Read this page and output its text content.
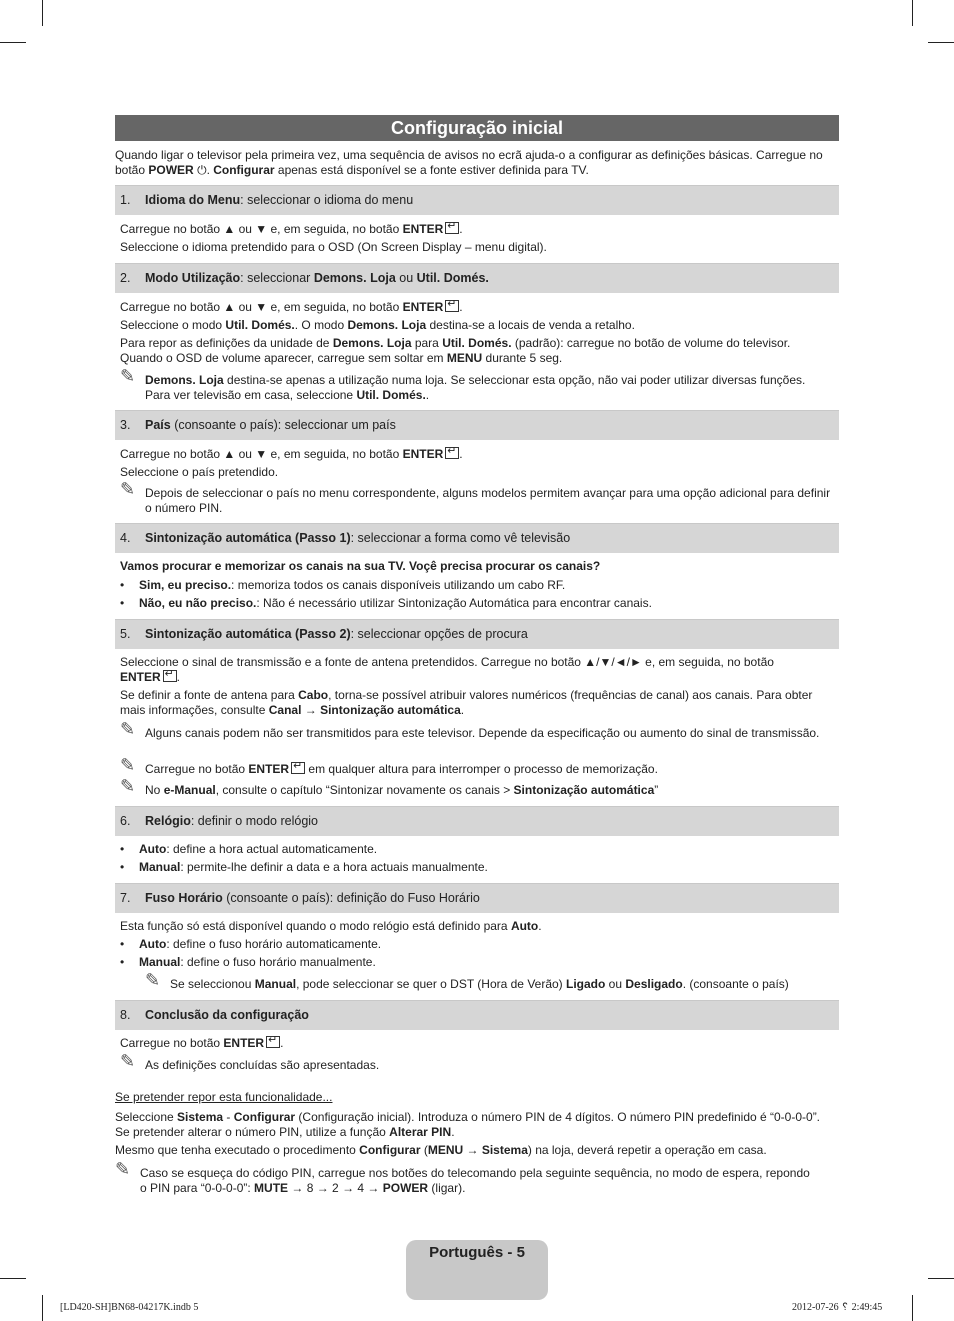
Configuração inicial
Quando ligar o televisor pela primeira vez, uma sequência de avisos no ecrã ajuda-o a configurar as definições básicas. Carregue no
botão POWER ⏻. Configurar apenas está disponível se a fonte estiver definida para TV.
1. Idioma do Menu: seleccionar o idioma do menu
Carregue no botão ▲ ou ▼ e, em seguida, no botão ENTER ↵ .
Seleccione o idioma pretendido para o OSD (On Screen Display – menu digital).
2. Modo Utilização: seleccionar Demons. Loja ou Util. Domés.
Carregue no botão ▲ ou ▼ e, em seguida, no botão ENTER ↵ .
Seleccione o modo Util. Domés.. O modo Demons. Loja destina-se a locais de venda a retalho.
Para repor as definições da unidade de Demons. Loja para Util. Domés. (padrão): carregue no botão de volume do televisor.
Quando o OSD de volume aparecer, carregue sem soltar em MENU durante 5 seg.
✎ Demons. Loja destina-se apenas a utilização numa loja. Se seleccionar esta opção, não vai poder utilizar diversas funções.
Para ver televisão em casa, seleccione Util. Domés..
3. País (consoante o país): seleccionar um país
Carregue no botão ▲ ou ▼ e, em seguida, no botão ENTER ↵ .
Seleccione o país pretendido.
✎ Depois de seleccionar o país no menu correspondente, alguns modelos permitem avançar para uma opção adicional para definir o número PIN.
4. Sintonização automática (Passo 1): seleccionar a forma como vê televisão
Vamos procurar e memorizar os canais na sua TV. Voçê precisa procurar os canais?
• Sim, eu preciso.: memoriza todos os canais disponíveis utilizando um cabo RF.
• Não, eu não preciso.: Não é necessário utilizar Sintonização Automática para encontrar canais.
5. Sintonização automática (Passo 2): seleccionar opções de procura
Seleccione o sinal de transmissão e a fonte de antena pretendidos. Carregue no botão ▲/▼/◄/► e, em seguida, no botão
ENTER ↵ .
Se definir a fonte de antena para Cabo, torna-se possível atribuir valores numéricos (frequências de canal) aos canais. Para obter
mais informações, consulte Canal → Sintonização automática.
✎ Alguns canais podem não ser transmitidos para este televisor. Depende da especificação ou aumento do sinal de transmissão.
✎ Carregue no botão ENTER↵ em qualquer altura para interromper o processo de memorização.
✎ No e-Manual, consulte o capítulo “Sintonizar novamente os canais > Sintonização automática”
6. Relógio: definir o modo relógio
• Auto: define a hora actual automaticamente.
• Manual: permite-lhe definir a data e a hora actuais manualmente.
7. Fuso Horário (consoante o país): definição do Fuso Horário
Esta função só está disponível quando o modo relógio está definido para Auto.
• Auto: define o fuso horário automaticamente.
• Manual: define o fuso horário manualmente.
✎ Se seleccionou Manual, pode seleccionar se quer o DST (Hora de Verão) Ligado ou Desligado. (consoante o país)
8. Conclusão da configuração
Carregue no botão ENTER ↵ .
✎ As definições concluídas são apresentadas.
Se pretender repor esta funcionalidade...
Seleccione Sistema - Configurar (Configuração inicial). Introduza o número PIN de 4 dígitos. O número PIN predefinido é “0-0-0-0”.
Se pretender alterar o número PIN, utilize a função Alterar PIN.
Mesmo que tenha executado o procedimento Configurar (MENU → Sistema) na loja, deverá repetir a operação em casa.
✎ Caso se esqueça do código PIN, carregue nos botões do telecomando pela seguinte sequência, no modo de espera, repondo
o PIN para “0-0-0-0”: MUTE → 8 → 2 → 4 → POWER (ligar).
Português - 5
[LD420-SH]BN68-04217K.indb 5	2012-07-26 ␦ 2:49:45
